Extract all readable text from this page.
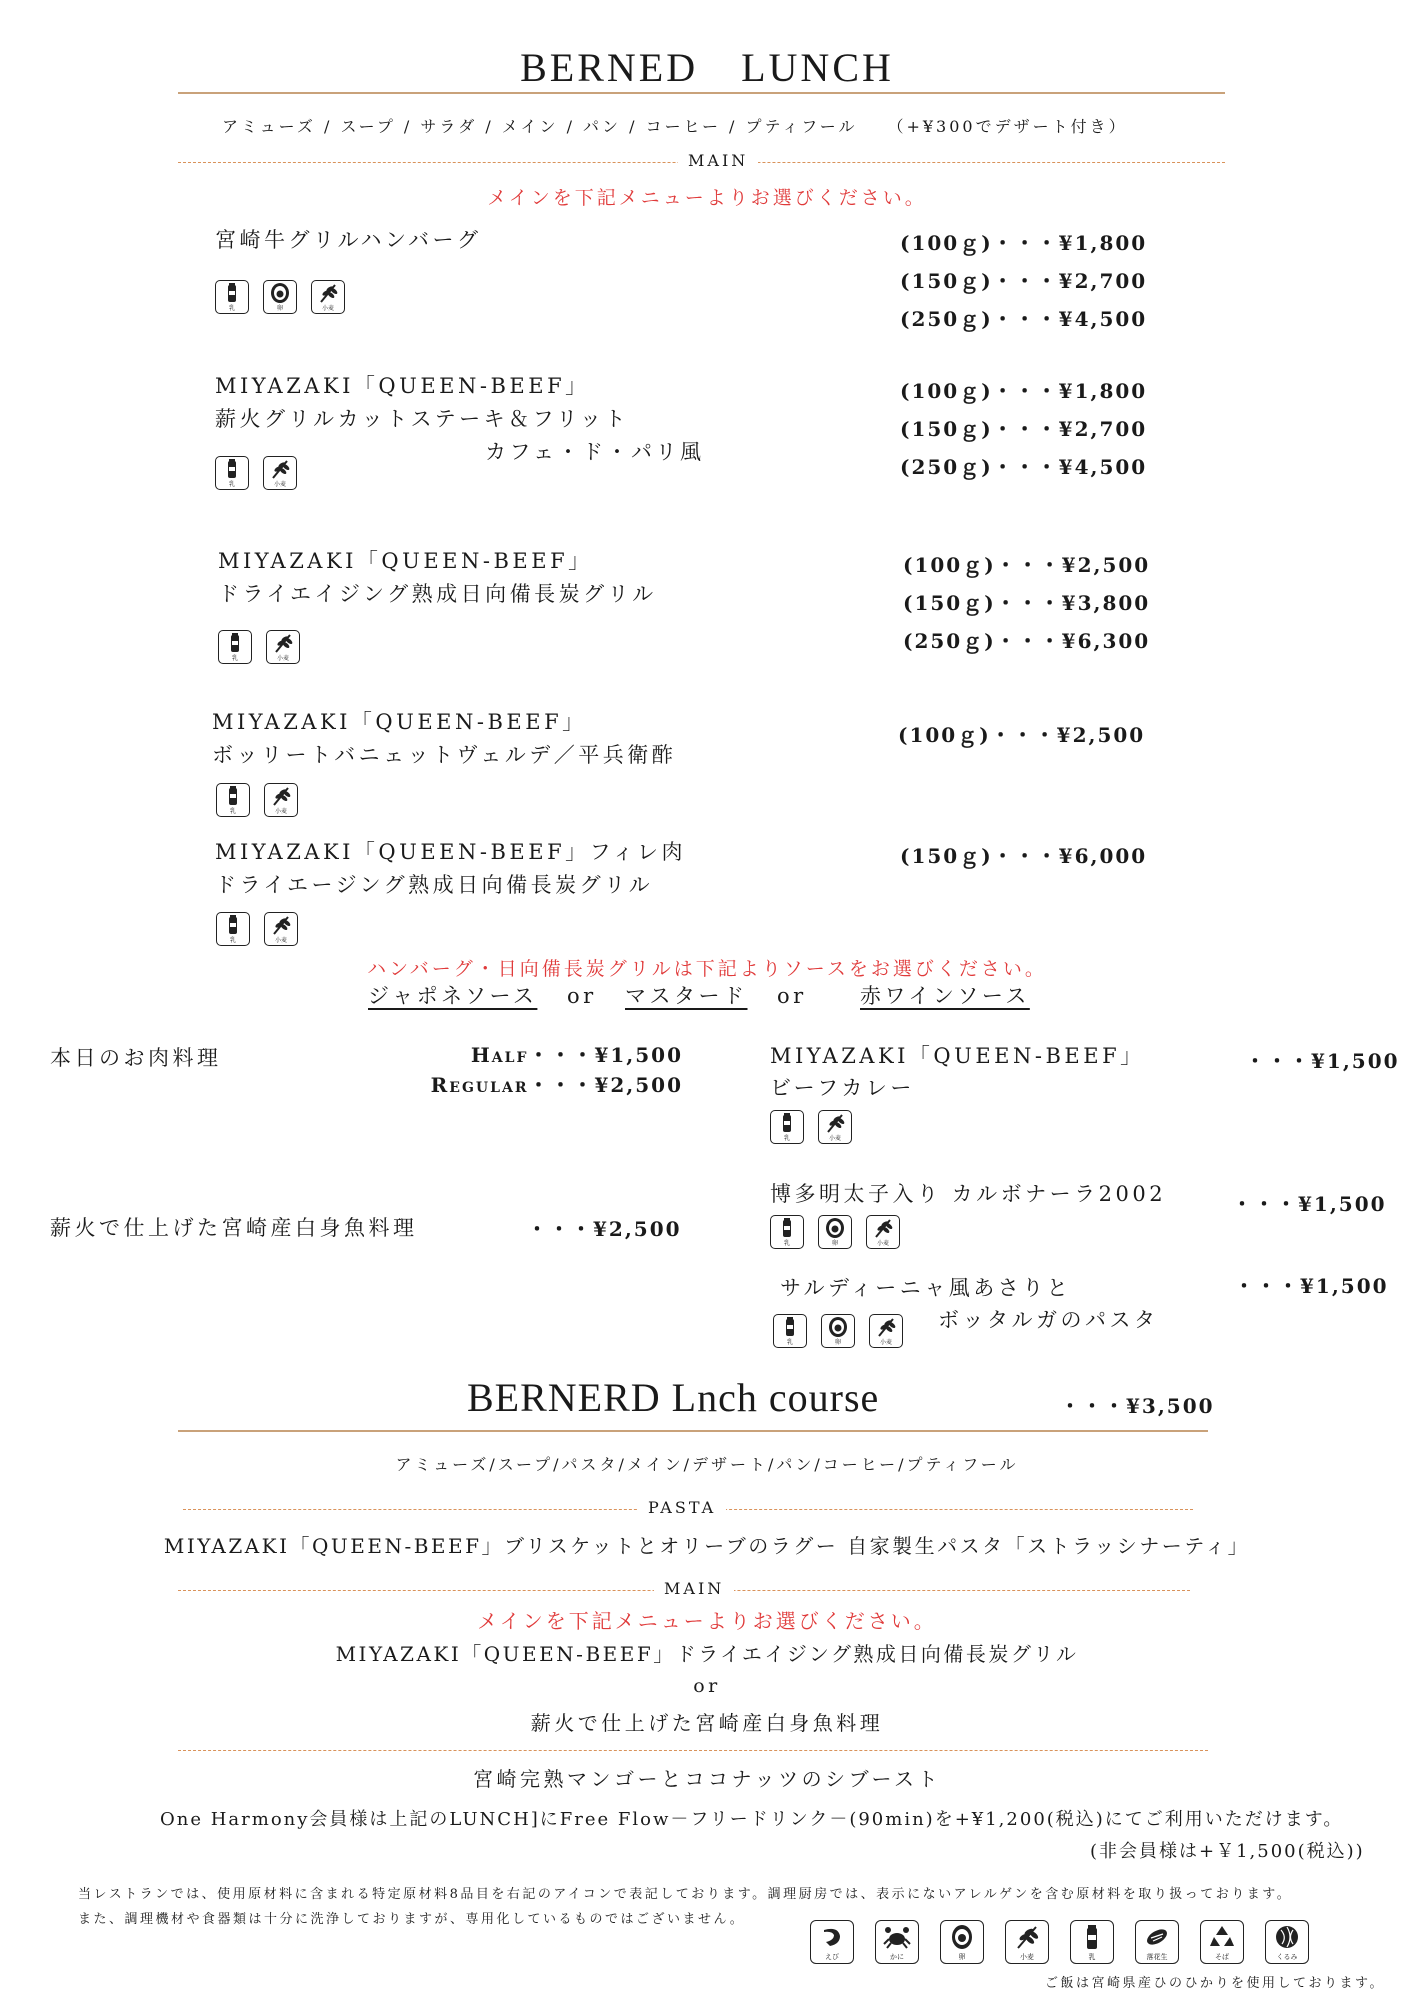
BERNED　LUNCH
アミューズ / スープ / サラダ / メイン / パン / コーヒー / プティフール　　（+¥300でデザート付き）
MAIN
メインを下記メニューよりお選びください。
宮崎牛グリルハンバーグ
乳	卵	小麦
(100ｇ)・・・¥1,800
(150ｇ)・・・¥2,700
(250ｇ)・・・¥4,500
MIYAZAKI「QUEEN-BEEF」
薪火グリルカットステーキ＆フリット
カフェ・ド・パリ風
乳	小麦
(100ｇ)・・・¥1,800
(150ｇ)・・・¥2,700
(250ｇ)・・・¥4,500
MIYAZAKI「QUEEN-BEEF」
ドライエイジング熟成日向備長炭グリル
乳	小麦
(100ｇ)・・・¥2,500
(150ｇ)・・・¥3,800
(250ｇ)・・・¥6,300
MIYAZAKI「QUEEN-BEEF」
ボッリートバニェットヴェルデ／平兵衛酢
乳	小麦
(100ｇ)・・・¥2,500
MIYAZAKI「QUEEN-BEEF」フィレ肉
ドライエージング熟成日向備長炭グリル
乳	小麦
(150ｇ)・・・¥6,000
ハンバーグ・日向備長炭グリルは下記よりソースをお選びください。
ジャポネソース or マスタード or	赤ワインソース
本日のお肉料理	Half・・・¥1,500
Regular・・・¥2,500
薪火で仕上げた宮崎産白身魚料理	・・・¥2,500
MIYAZAKI「QUEEN-BEEF」
ビーフカレー
・・・¥1,500
乳	小麦
博多明太子入り カルボナーラ2002	・・・¥1,500
乳	卵	小麦
サルディーニャ風あさりと
ボッタルガのパスタ
・・・¥1,500
乳	卵	小麦
BERNERD Lnch course	・・・¥3,500
アミューズ/スープ/パスタ/メイン/デザート/パン/コーヒー/プティフール
PASTA
MIYAZAKI「QUEEN-BEEF」ブリスケットとオリーブのラグー 自家製生パスタ「ストラッシナーティ」
MAIN
メインを下記メニューよりお選びください。
MIYAZAKI「QUEEN-BEEF」ドライエイジング熟成日向備長炭グリル
or
薪火で仕上げた宮崎産白身魚料理
宮崎完熟マンゴーとココナッツのシブースト
One Harmony会員様は上記のLUNCH]にFree Flow－フリードリンク－(90min)を+¥1,200(税込)にてご利用いただけます。
(非会員様は+￥1,500(税込))
当レストランでは、使用原材料に含まれる特定原材料8品目を右記のアイコンで表記しております。調理厨房では、表示にないアレルゲンを含む原材料を取り扱っております。
また、調理機材や食器類は十分に洗浄しておりますが、専用化しているものではございません。
えび	かに	卵	小麦	乳	落花生	そば	くるみ
ご飯は宮崎県産ひのひかりを使用しております。
